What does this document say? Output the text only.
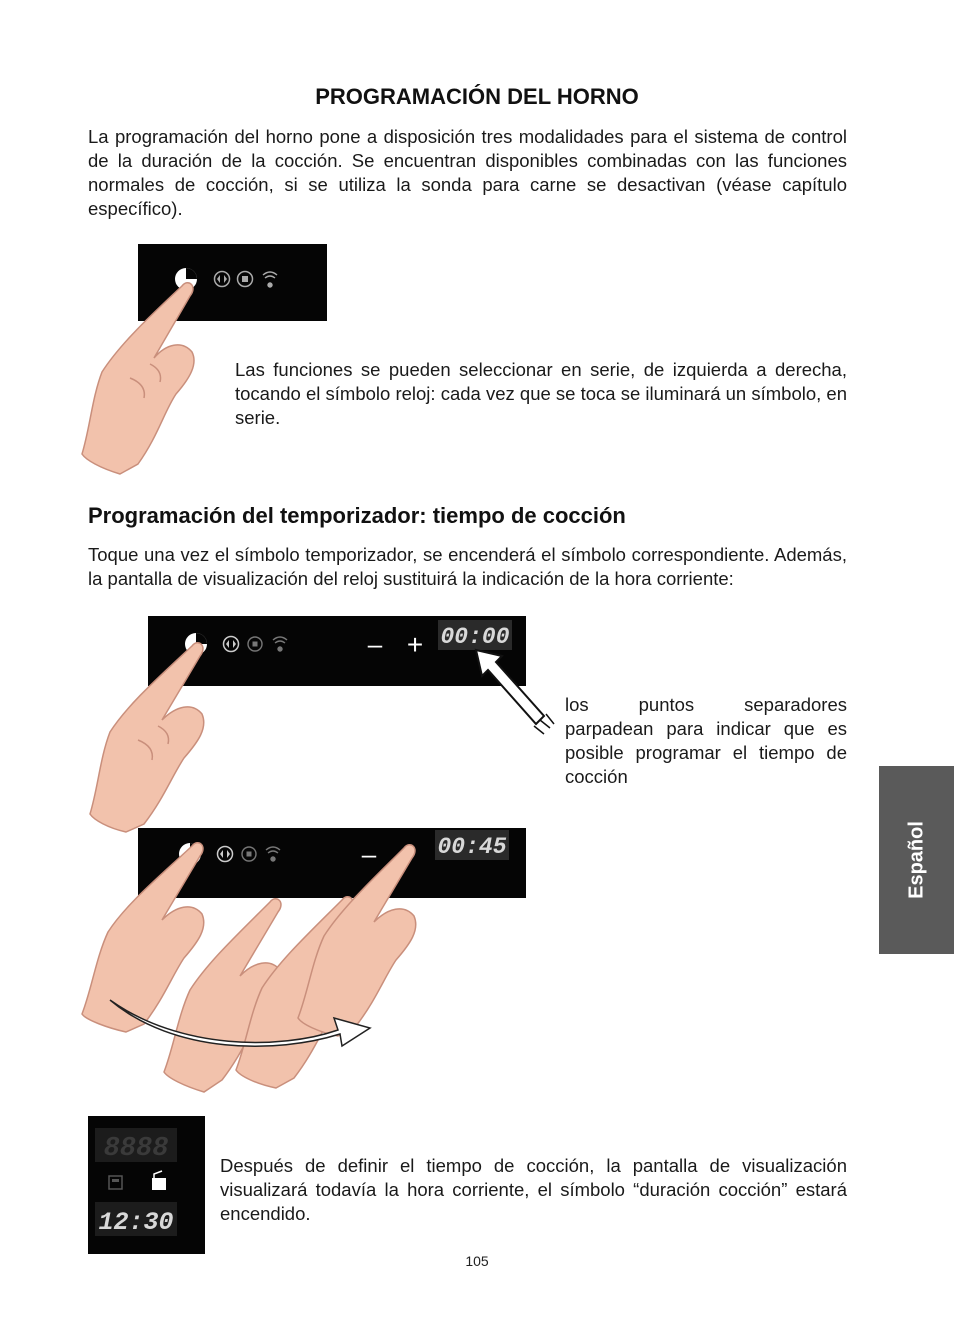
PROGRAMACIÓN DEL HORNO

La programación del horno pone a disposición tres modalidades para el sistema de control de la duración de la cocción. Se encuentran disponibles combinadas con las funciones normales de cocción, si se utiliza la sonda para carne se desactivan (véase capítulo específico).

Las funciones se pueden seleccionar en serie, de izquierda a derecha, tocando el símbolo reloj: cada vez que se toca se iluminará un símbolo, en serie.

Programación del temporizador: tiempo de cocción

Toque una vez el símbolo temporizador, se encenderá el símbolo correspondiente. Además, la pantalla de visualización del reloj sustituirá la indicación de la hora corriente:

– + 00:00

los puntos separadores parpadean para indicar que es posible programar el tiempo de cocción

–	00:45
8888
12:30

Después de definir el tiempo de cocción, la pantalla de visualización visualizará todavía la hora corriente, el símbolo “duración cocción” estará encendido.

105
Español
